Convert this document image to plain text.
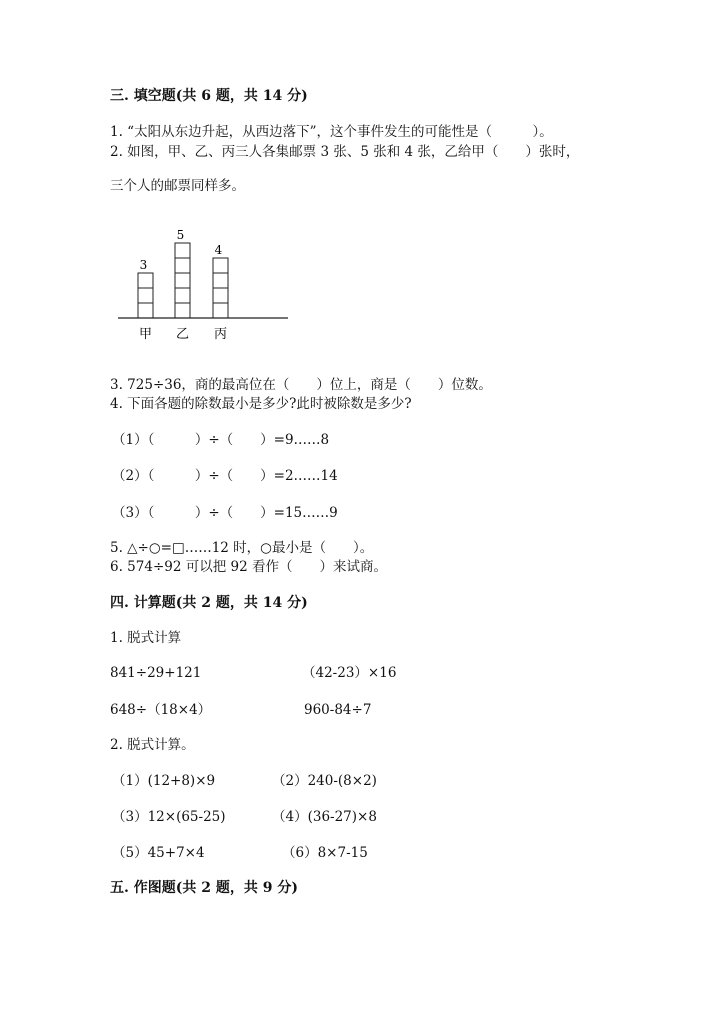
三. 填空题(共 6 题，共 14 分)
1. “太阳从东边升起，从西边落下”，这个事件发生的可能性是（　　　）。
2. 如图，甲、乙、丙三人各集邮票 3 张、5 张和 4 张，乙给甲（　　）张时，
三个人的邮票同样多。
3
甲
5
乙
4
丙
3. 725÷36，商的最高位在（　　）位上，商是（　　）位数。
4. 下面各题的除数最小是多少?此时被除数是多少?
（1）（　　　）÷（　　）=9……8
（2）（　　　）÷（　　）=2……14
（3）（　　　）÷（　　）=15……9
5. △÷○=□……12 时，○最小是（　　）。
6. 574÷92 可以把 92 看作（　　）来试商。
四. 计算题(共 2 题，共 14 分)
1. 脱式计算
841÷29+121	（42-23）×16
648÷（18×4）	960-84÷7
2. 脱式计算。
（1）(12+8)×9	（2）240-(8×2)
（3）12×(65-25)	（4）(36-27)×8
（5）45+7×4	（6）8×7-15
五. 作图题(共 2 题，共 9 分)
